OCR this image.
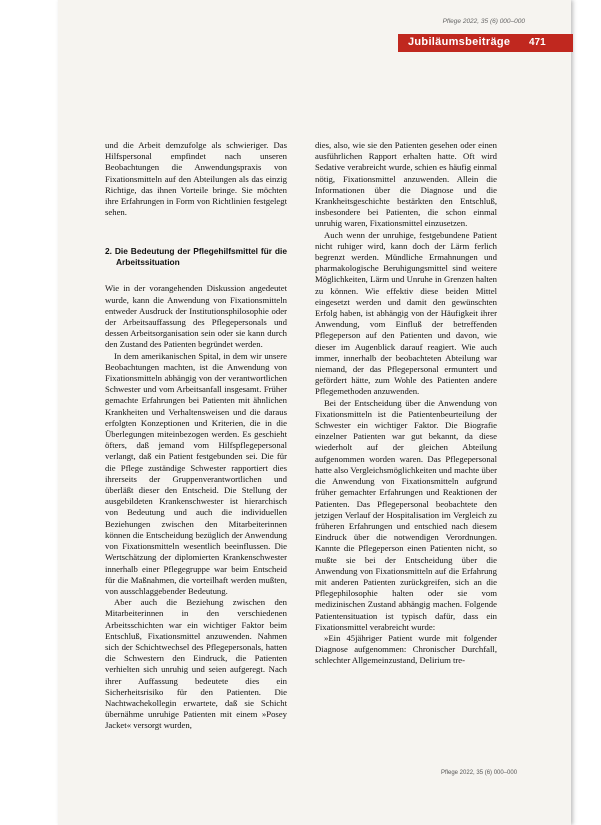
Pflege 2022, 35 (6) 000–000
Jubiläumsbeiträge 471

und die Arbeit demzufolge als schwieriger. Das Hilfspersonal empfindet nach unseren Beobachtungen die Anwendungspraxis von Fixationsmitteln auf den Abteilungen als das einzig Richtige, das ihnen Vorteile bringe. Sie möchten ihre Erfahrungen in Form von Richtlinien festgelegt sehen.

2. Die Bedeutung der Pflegehilfsmittel für die Arbeitssituation

Wie in der vorangehenden Diskussion angedeutet wurde, kann die Anwendung von Fixationsmitteln entweder Ausdruck der Institutionsphilosophie oder der Arbeitsauffassung des Pflegepersonals und dessen Arbeitsorganisation sein oder sie kann durch den Zustand des Patienten begründet werden.

In dem amerikanischen Spital, in dem wir unsere Beobachtungen machten, ist die Anwendung von Fixationsmitteln abhängig von der verantwortlichen Schwester und vom Arbeitsanfall insgesamt. Früher gemachte Erfahrungen bei Patienten mit ähnlichen Krankheiten und Verhaltensweisen und die daraus erfolgten Konzeptionen und Kriterien, die in die Überlegungen miteinbezogen werden. Es geschieht öfters, daß jemand vom Hilfspflegepersonal verlangt, daß ein Patient festgebunden sei. Die für die Pflege zuständige Schwester rapportiert dies ihrerseits der Gruppenverantwortlichen und überläßt dieser den Entscheid. Die Stellung der ausgebildeten Krankenschwester ist hierarchisch von Bedeutung und auch die individuellen Beziehungen zwischen den Mitarbeiterinnen können die Entscheidung bezüglich der Anwendung von Fixationsmitteln wesentlich beeinflussen. Die Wertschätzung der diplomierten Krankenschwester innerhalb einer Pflegegruppe war beim Entscheid für die Maßnahmen, die vorteilhaft werden mußten, von ausschlaggebender Bedeutung.

Aber auch die Beziehung zwischen den Mitarbeiterinnen in den verschiedenen Arbeitsschichten war ein wichtiger Faktor beim Entschluß, Fixationsmittel anzuwenden. Nahmen sich der Schichtwechsel des Pflegepersonals, hatten die Schwestern den Eindruck, die Patienten verhielten sich unruhig und seien aufgeregt. Nach ihrer Auffassung bedeutete dies ein Sicherheitsrisiko für den Patienten. Die Nachtwachekollegin erwartete, daß sie Schicht übernähme unruhige Patienten mit einem »Posey Jacket« versorgt wurden,

dies, also, wie sie den Patienten gesehen oder einen ausführlichen Rapport erhalten hatte. Oft wird Sedative verabreicht wurde, schien es häufig einmal nötig, Fixationsmittel anzuwenden. Allein die Informationen über die Diagnose und die Krankheitsgeschichte bestärkten den Entschluß, insbesondere bei Patienten, die schon einmal unruhig waren, Fixationsmittel einzusetzen.

Auch wenn der unruhige, festgebundene Patient nicht ruhiger wird, kann doch der Lärm ferlich begrenzt werden. Mündliche Ermahnungen und pharmakologische Beruhigungsmittel sind weitere Möglichkeiten, Lärm und Unruhe in Grenzen halten zu können. Wie effektiv diese beiden Mittel eingesetzt werden und damit den gewünschten Erfolg haben, ist abhängig von der Häufigkeit ihrer Anwendung, vom Einfluß der betreffenden Pflegeperson auf den Patienten und davon, wie dieser im Augenblick darauf reagiert. Wie auch immer, innerhalb der beobachteten Abteilung war niemand, der das Pflegepersonal ermuntert und gefördert hätte, zum Wohle des Patienten andere Pflegemethoden anzuwenden.

Bei der Entscheidung über die Anwendung von Fixationsmitteln ist die Patientenbeurteilung der Schwester ein wichtiger Faktor. Die Biografie einzelner Patienten war gut bekannt, da diese wiederholt auf der gleichen Abteilung aufgenommen worden waren. Das Pflegepersonal hatte also Vergleichsmöglichkeiten und machte über die Anwendung von Fixationsmitteln aufgrund früher gemachter Erfahrungen und Reaktionen der Patienten. Das Pflegepersonal beobachtete den jetzigen Verlauf der Hospitalisation im Vergleich zu früheren Erfahrungen und entschied nach diesem Eindruck über die notwendigen Verordnungen. Kannte die Pflegeperson einen Patienten nicht, so mußte sie bei der Entscheidung über die Anwendung von Fixationsmitteln auf die Erfahrung mit anderen Patienten zurückgreifen, sich an die Pflegephilosophie halten oder sie vom medizinischen Zustand abhängig machen. Folgende Patientensituation ist typisch dafür, dass ein Fixationsmittel verabreicht wurde:

»Ein 45jähriger Patient wurde mit folgender Diagnose aufgenommen: Chronischer Durchfall, schlechter Allgemeinzustand, Delirium tre-

Pflege 2022, 35 (6) 000–000
